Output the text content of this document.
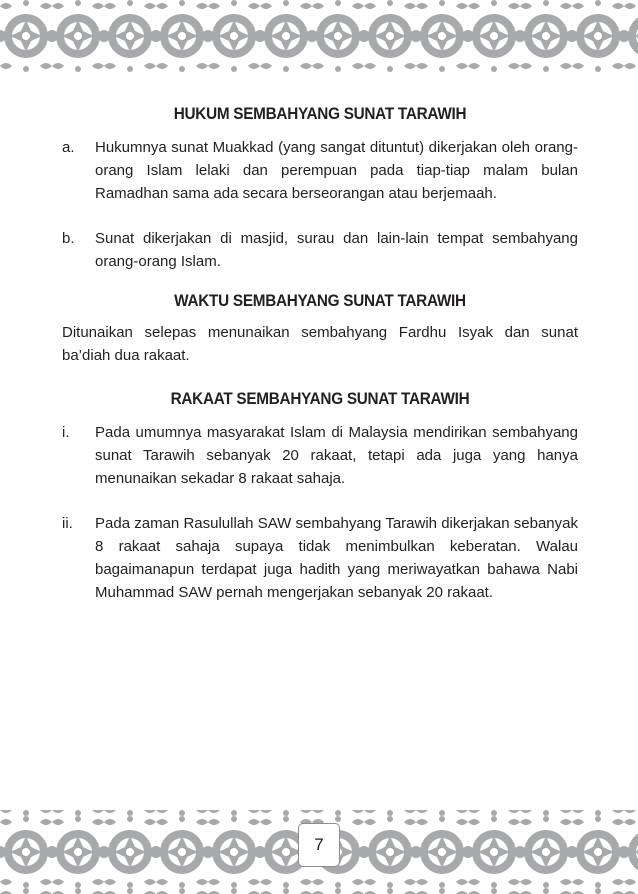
HUKUM SEMBAHYANG SUNAT TARAWIH
a.	Hukumnya sunat Muakkad (yang sangat dituntut) dikerjakan oleh orang-orang Islam lelaki dan perempuan pada tiap-tiap malam bulan Ramadhan sama ada secara berseorangan atau berjemaah.
b.	Sunat dikerjakan di masjid, surau dan lain-lain tempat sembahyang orang-orang Islam.
WAKTU SEMBAHYANG SUNAT TARAWIH

Ditunaikan selepas menunaikan sembahyang Fardhu Isyak dan sunat ba’diah dua rakaat.

RAKAAT SEMBAHYANG SUNAT TARAWIH
i.	Pada umumnya masyarakat Islam di Malaysia mendirikan sembahyang sunat Tarawih sebanyak 20 rakaat, tetapi ada juga yang hanya menunaikan sekadar 8 rakaat sahaja.
ii.	Pada zaman Rasulullah SAW sembahyang Tarawih dikerjakan sebanyak 8 rakaat sahaja supaya tidak menimbulkan keberatan. Walau bagaimanapun terdapat juga hadith yang meriwayatkan bahawa Nabi Muhammad SAW pernah mengerjakan sebanyak 20 rakaat.
7
